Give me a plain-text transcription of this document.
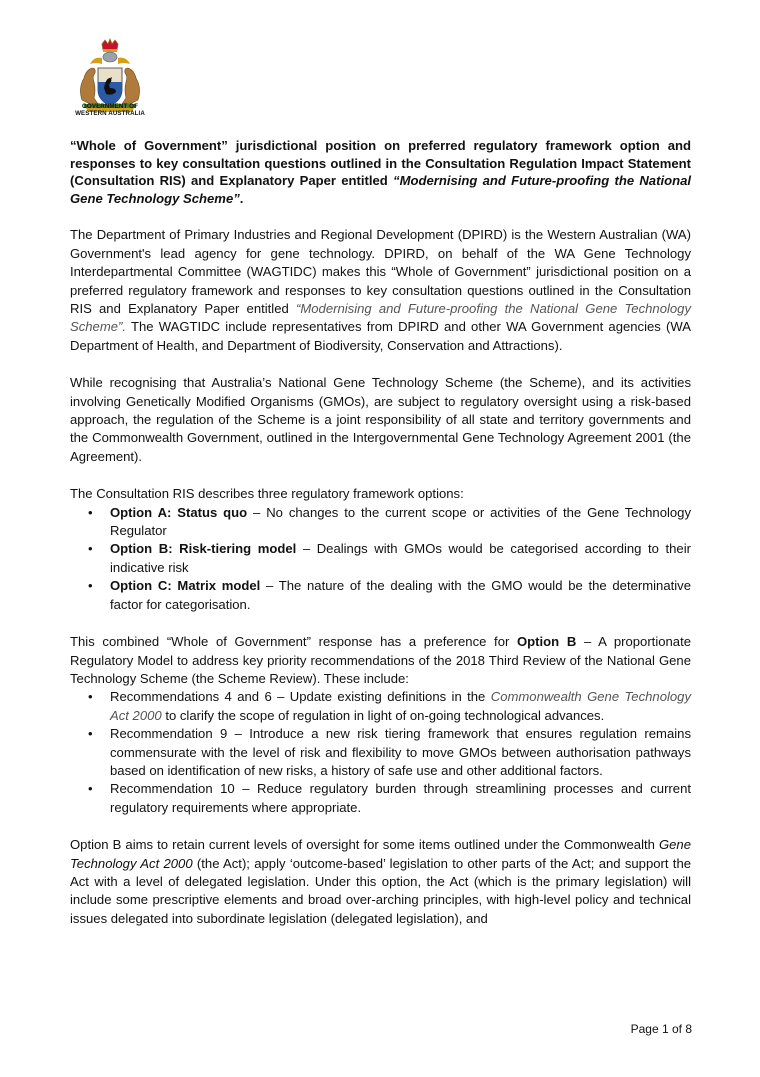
GOVERNMENT OF
WESTERN AUSTRALIA

“Whole of Government” jurisdictional position on preferred regulatory framework option and responses to key consultation questions outlined in the Consultation Regulation Impact Statement (Consultation RIS) and Explanatory Paper entitled “Modernising and Future-proofing the National Gene Technology Scheme”.

The Department of Primary Industries and Regional Development (DPIRD) is the Western Australian (WA) Government's lead agency for gene technology. DPIRD, on behalf of the WA Gene Technology Interdepartmental Committee (WAGTIDC) makes this “Whole of Government” jurisdictional position on a preferred regulatory framework and responses to key consultation questions outlined in the Consultation RIS and Explanatory Paper entitled “Modernising and Future-proofing the National Gene Technology Scheme”. The WAGTIDC include representatives from DPIRD and other WA Government agencies (WA Department of Health, and Department of Biodiversity, Conservation and Attractions).

While recognising that Australia’s National Gene Technology Scheme (the Scheme), and its activities involving Genetically Modified Organisms (GMOs), are subject to regulatory oversight using a risk-based approach, the regulation of the Scheme is a joint responsibility of all state and territory governments and the Commonwealth Government, outlined in the Intergovernmental Gene Technology Agreement 2001 (the Agreement).

The Consultation RIS describes three regulatory framework options:

• Option A: Status quo – No changes to the current scope or activities of the Gene Technology Regulator
• Option B: Risk-tiering model – Dealings with GMOs would be categorised according to their indicative risk
• Option C: Matrix model – The nature of the dealing with the GMO would be the determinative factor for categorisation.

This combined “Whole of Government” response has a preference for Option B – A proportionate Regulatory Model to address key priority recommendations of the 2018 Third Review of the National Gene Technology Scheme (the Scheme Review). These include:

• Recommendations 4 and 6 – Update existing definitions in the Commonwealth Gene Technology Act 2000 to clarify the scope of regulation in light of on-going technological advances.
• Recommendation 9 – Introduce a new risk tiering framework that ensures regulation remains commensurate with the level of risk and flexibility to move GMOs between authorisation pathways based on identification of new risks, a history of safe use and other additional factors.
• Recommendation 10 – Reduce regulatory burden through streamlining processes and current regulatory requirements where appropriate.

Option B aims to retain current levels of oversight for some items outlined under the Commonwealth Gene Technology Act 2000 (the Act); apply ‘outcome-based’ legislation to other parts of the Act; and support the Act with a level of delegated legislation. Under this option, the Act (which is the primary legislation) will include some prescriptive elements and broad over-arching principles, with high-level policy and technical issues delegated into subordinate legislation (delegated legislation), and

Page 1 of 8
